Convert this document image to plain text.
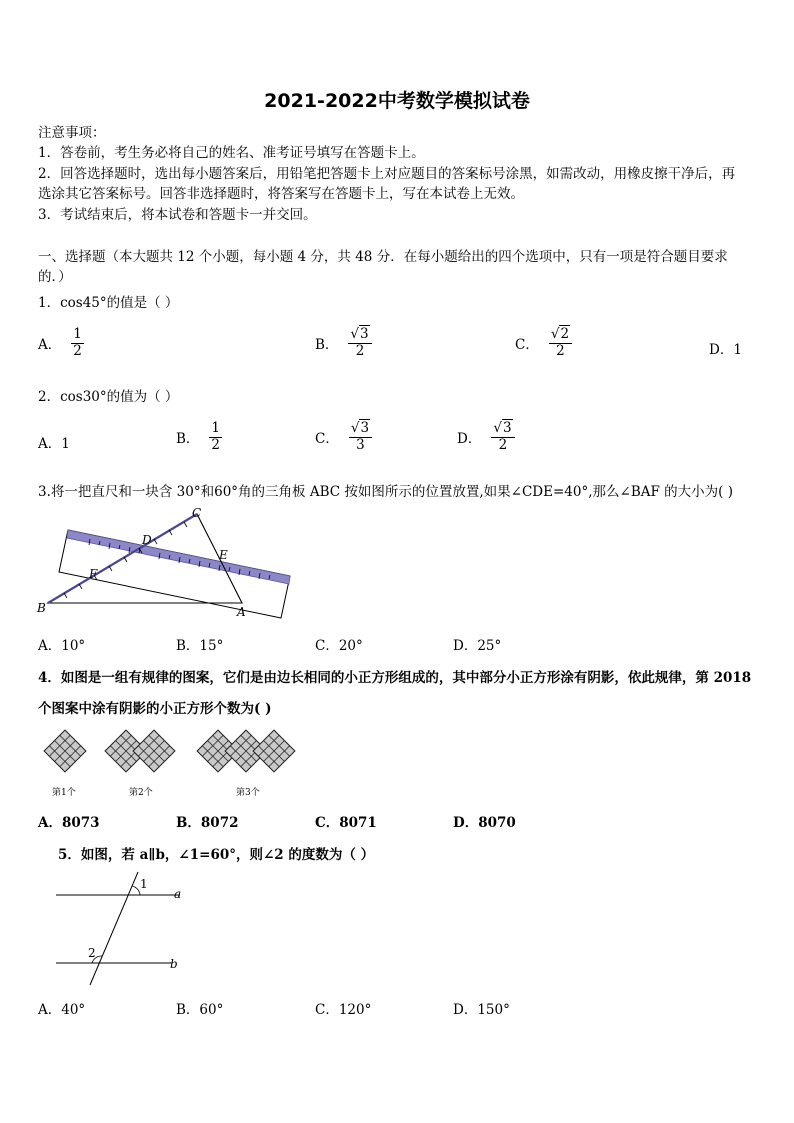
2021-2022中考数学模拟试卷
注意事项：
1．答卷前，考生务必将自己的姓名、准考证号填写在答题卡上。
2．回答选择题时，选出每小题答案后，用铅笔把答题卡上对应题目的答案标号涂黑，如需改动，用橡皮擦干净后，再
选涂其它答案标号。回答非选择题时，将答案写在答题卡上，写在本试卷上无效。
3．考试结束后，将本试卷和答题卡一并交回。
一、选择题（本大题共 12 个小题，每小题 4 分，共 48 分．在每小题给出的四个选项中，只有一项是符合题目要求
的．）
1．cos45°的值是（ ）
A． $\frac{1}{2}$	B． √ $\frac{3}{2}$	C． √ $\frac{2}{2}$	D．1
2．cos30°的值为（ ）
A．1	B． $\frac{1}{2}$	C． √ $\frac{3}{3}$	D． √ $\frac{3}{2}$
3.将一把直尺和一块含 30°和60°角的三角板 ABC 按如图所示的位置放置,如果∠CDE=40°,那么∠BAF 的大小为( )
C
D
E
F
B	A
A．10°	B．15°	C．20°	D．25°
4．如图是一组有规律的图案，它们是由边长相同的小正方形组成的，其中部分小正方形涂有阴影，依此规律，第 2018
个图案中涂有阴影的小正方形个数为( )
第1个	第2个	第3个
A．8073	B．8072	C．8071	D．8070
5．如图，若 a∥b，∠1=60°，则∠2 的度数为（ ）
1
2
a
b
A．40°	B．60°	C．120°	D．150°
